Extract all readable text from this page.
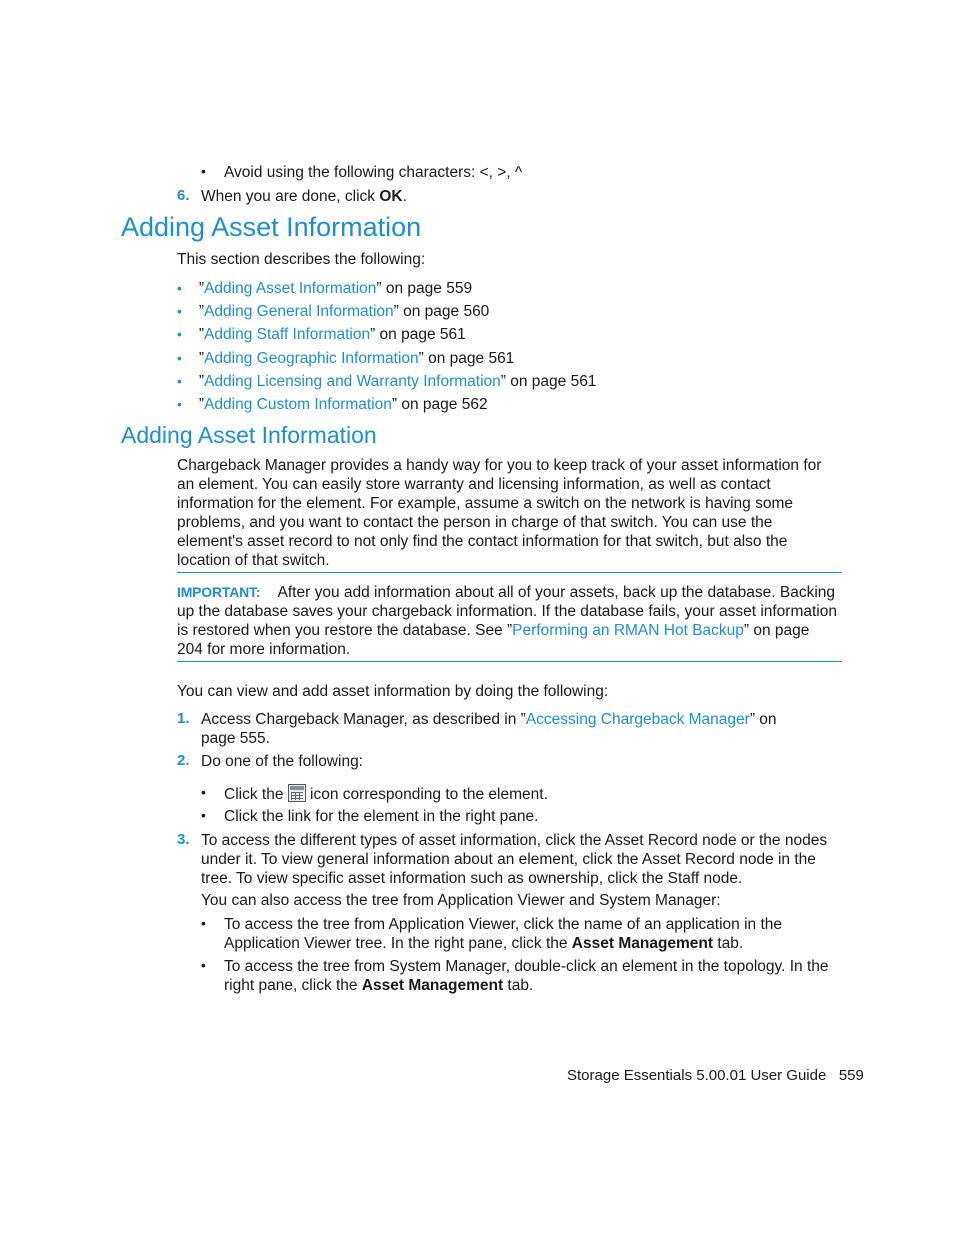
• Avoid using the following characters: <, >, ^
6. When you are done, click OK.
Adding Asset Information
This section describes the following:
• ”Adding Asset Information” on page 559
• ”Adding General Information” on page 560
• ”Adding Staff Information” on page 561
• ”Adding Geographic Information” on page 561
• ”Adding Licensing and Warranty Information” on page 561
• ”Adding Custom Information” on page 562
Adding Asset Information
Chargeback Manager provides a handy way for you to keep track of your asset information for an element. You can easily store warranty and licensing information, as well as contact information for the element. For example, assume a switch on the network is having some problems, and you want to contact the person in charge of that switch. You can use the element's asset record to not only find the contact information for that switch, but also the location of that switch.
IMPORTANT: After you add information about all of your assets, back up the database. Backing up the database saves your chargeback information. If the database fails, your asset information is restored when you restore the database. See ”Performing an RMAN Hot Backup” on page 204 for more information.
You can view and add asset information by doing the following:
1. Access Chargeback Manager, as described in ”Accessing Chargeback Manager” on
page 555.
2. Do one of the following:
• Click the  icon corresponding to the element.
• Click the link for the element in the right pane.
3. To access the different types of asset information, click the Asset Record node or the nodes under it. To view general information about an element, click the Asset Record node in the tree. To view specific asset information such as ownership, click the Staff node.
You can also access the tree from Application Viewer and System Manager:
• To access the tree from Application Viewer, click the name of an application in the Application Viewer tree. In the right pane, click the Asset Management tab.
• To access the tree from System Manager, double-click an element in the topology. In the right pane, click the Asset Management tab.
Storage Essentials 5.00.01 User Guide 559
